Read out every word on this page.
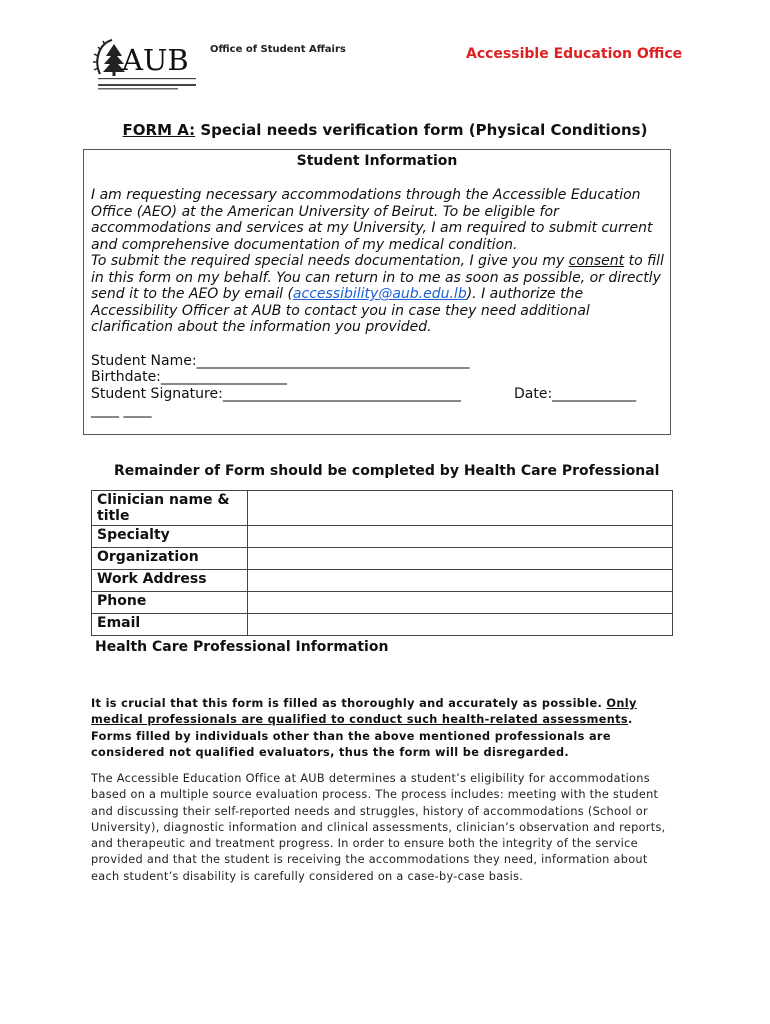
AUB Office of Student Affairs	Accessible Education Office
FORM A: Special needs verification form (Physical Conditions)
Student Information
I am requesting necessary accommodations through the Accessible Education Office (AEO) at the American University of Beirut. To be eligible for accommodations and services at my University, I am required to submit current and comprehensive documentation of my medical condition.
To submit the required special needs documentation, I give you my consent to fill in this form on my behalf. You can return in to me as soon as possible, or directly send it to the AEO by email (accessibility@aub.edu.lb). I authorize the Accessibility Officer at AUB to contact you in case they need additional clarification about the information you provided.
Student Name:_______________________________________
Birthdate:__________________
Student Signature:__________________________________	Date:____________
____ ____
Remainder of Form should be completed by Health Care Professional
Clinician name & title	
Specialty	
Organization	
Work Address	
Phone	
Email	
Health Care Professional Information
It is crucial that this form is filled as thoroughly and accurately as possible. Only medical professionals are qualified to conduct such health-related assessments. Forms filled by individuals other than the above mentioned professionals are considered not qualified evaluators, thus the form will be disregarded.
The Accessible Education Office at AUB determines a student’s eligibility for accommodations based on a multiple source evaluation process. The process includes: meeting with the student and discussing their self-reported needs and struggles, history of accommodations (School or University), diagnostic information and clinical assessments, clinician’s observation and reports, and therapeutic and treatment progress. In order to ensure both the integrity of the service provided and that the student is receiving the accommodations they need, information about each student’s disability is carefully considered on a case-by-case basis.
